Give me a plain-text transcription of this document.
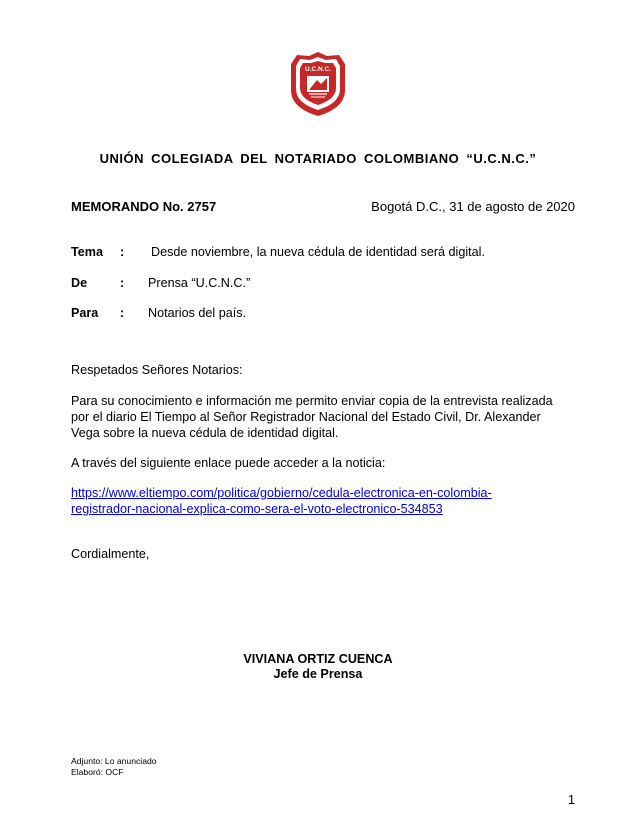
U.C.N.C.
UNIÓN COLEGIADA DEL NOTARIADO COLOMBIANO “U.C.N.C.”
MEMORANDO No. 2757	Bogotá D.C., 31 de agosto de 2020
Tema	: Desde noviembre, la nueva cédula de identidad será digital.
De	: Prensa “U.C.N.C.”
Para	: Notarios del país.
Respetados Señores Notarios:
Para su conocimiento e información me permito enviar copia de la entrevista realizada
por el diario El Tiempo al Señor Registrador Nacional del Estado Civil, Dr. Alexander
Vega sobre la nueva cédula de identidad digital.
A través del siguiente enlace puede acceder a la noticia:
https://www.eltiempo.com/politica/gobierno/cedula-electronica-en-colombia-
registrador-nacional-explica-como-sera-el-voto-electronico-534853
Cordialmente,
VIVIANA ORTIZ CUENCA
Jefe de Prensa
Adjunto: Lo anunciado
Elaboró: OCF
1
